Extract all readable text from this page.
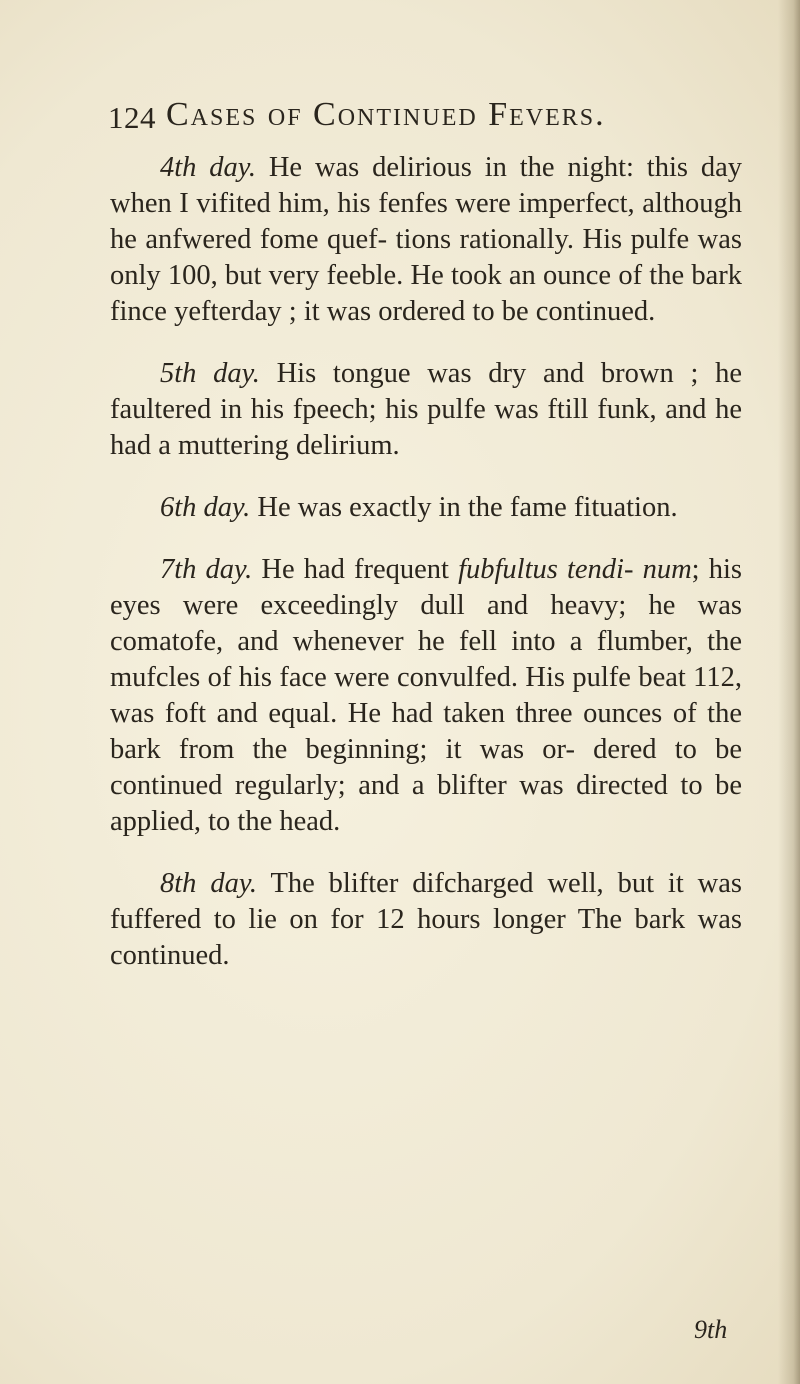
124 Cases of Continued Fevers.

4th day. He was delirious in the night: this day when I vifited him, his fenfes were imperfect, although he anfwered fome quef- tions rationally. His pulfe was only 100, but very feeble. He took an ounce of the bark fince yefterday ; it was ordered to be continued.

5th day. His tongue was dry and brown ; he faultered in his fpeech; his pulfe was ftill funk, and he had a muttering delirium.

6th day. He was exactly in the fame fituation.

7th day. He had frequent fubfultus tendi- num; his eyes were exceedingly dull and heavy; he was comatofe, and whenever he fell into a flumber, the mufcles of his face were convulfed. His pulfe beat 112, was foft and equal. He had taken three ounces of the bark from the beginning; it was or- dered to be continued regularly; and a blifter was directed to be applied, to the head.

8th day. The blifter difcharged well, but it was fuffered to lie on for 12 hours longer The bark was continued.

9th
